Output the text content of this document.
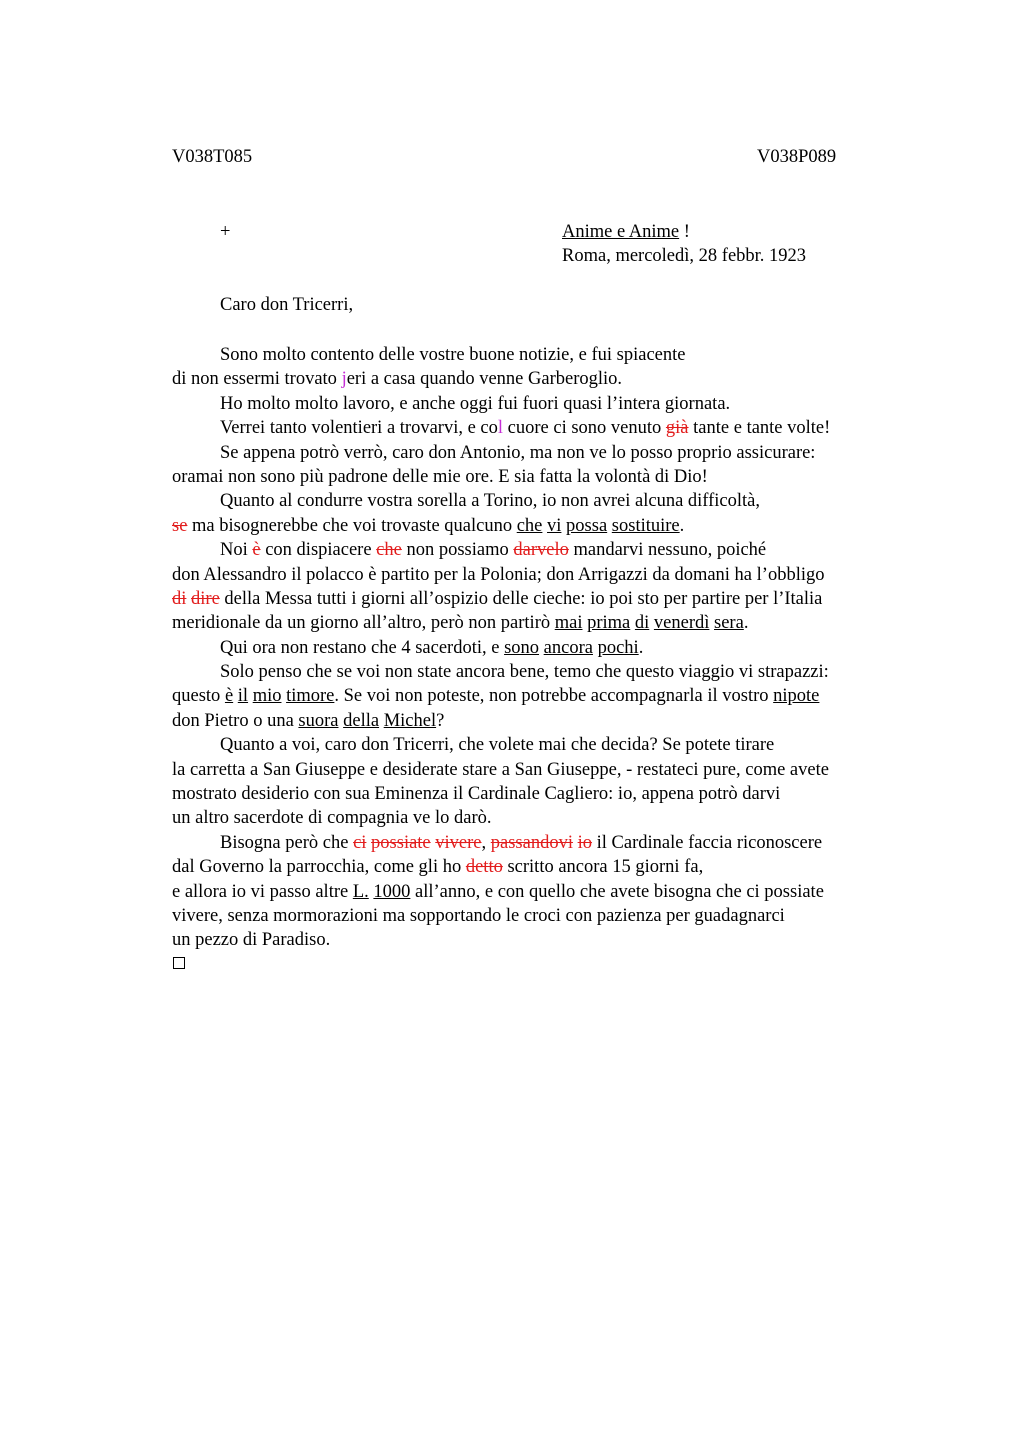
V038T085	V038P089
+	Anime e Anime !
Roma, mercoledì, 28 febbr. 1923
Caro don Tricerri,
Sono molto contento delle vostre buone notizie, e fui spiacente
di non essermi trovato jeri a casa quando venne Garberoglio.
Ho molto molto lavoro, e anche oggi fui fuori quasi l’intera giornata.
Verrei tanto volentieri a trovarvi, e col cuore ci sono venuto già tante e tante volte!
Se appena potrò verrò, caro don Antonio, ma non ve lo posso proprio assicurare:
oramai non sono più padrone delle mie ore. E sia fatta la volontà di Dio!
Quanto al condurre vostra sorella a Torino, io non avrei alcuna difficoltà,
se ma bisognerebbe che voi trovaste qualcuno che vi possa sostituire.
Noi è con dispiacere che non possiamo darvelo mandarvi nessuno, poiché
don Alessandro il polacco è partito per la Polonia; don Arrigazzi da domani ha l’obbligo
di dire della Messa tutti i giorni all’ospizio delle cieche: io poi sto per partire per l’Italia
meridionale da un giorno all’altro, però non partirò mai prima di venerdì sera.
Qui ora non restano che 4 sacerdoti, e sono ancora pochi.
Solo penso che se voi non state ancora bene, temo che questo viaggio vi strapazzi:
questo è il mio timore. Se voi non poteste, non potrebbe accompagnarla il vostro nipote
don Pietro o una suora della Michel?
Quanto a voi, caro don Tricerri, che volete mai che decida? Se potete tirare
la carretta a San Giuseppe e desiderate stare a San Giuseppe, - restateci pure, come avete
mostrato desiderio con sua Eminenza il Cardinale Cagliero: io, appena potrò darvi
un altro sacerdote di compagnia ve lo darò.
Bisogna però che ci possiate vivere, passandovi io il Cardinale faccia riconoscere
dal Governo la parrocchia, come gli ho detto scritto ancora 15 giorni fa,
e allora io vi passo altre L. 1000 all’anno, e con quello che avete bisogna che ci possiate
vivere, senza mormorazioni ma sopportando le croci con pazienza per guadagnarci
un pezzo di Paradiso.
